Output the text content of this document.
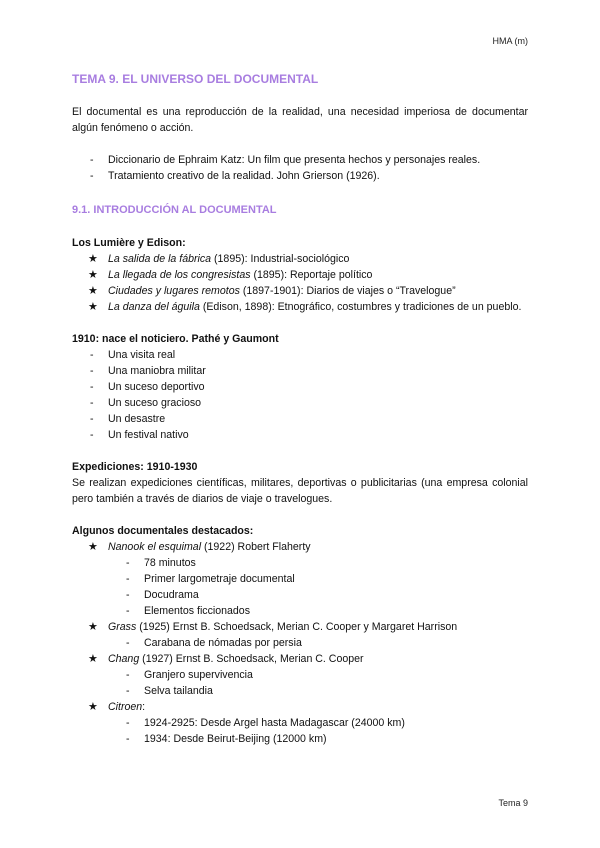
HMA (m)
TEMA 9. EL UNIVERSO DEL DOCUMENTAL

El documental es una reproducción de la realidad, una necesidad imperiosa de documentar algún fenómeno o acción.

- Diccionario de Ephraim Katz: Un film que presenta hechos y personajes reales.
- Tratamiento creativo de la realidad. John Grierson (1926).
9.1. INTRODUCCIÓN AL DOCUMENTAL
Los Lumière y Edison:
★ La salida de la fábrica (1895): Industrial-sociológico
★ La llegada de los congresistas (1895): Reportaje político
★ Ciudades y lugares remotos (1897-1901): Diarios de viajes o “Travelogue”
★ La danza del águila (Edison, 1898): Etnográfico, costumbres y tradiciones de un pueblo.
1910: nace el noticiero. Pathé y Gaumont
- Una visita real
- Una maniobra militar
- Un suceso deportivo
- Un suceso gracioso
- Un desastre
- Un festival nativo
Expediciones: 1910-1930

Se realizan expediciones científicas, militares, deportivas o publicitarias (una empresa colonial pero también a través de diarios de viaje o travelogues.

Algunos documentales destacados:
★ Nanook el esquimal (1922) Robert Flaherty
- 78 minutos
- Primer largometraje documental
- Docudrama
- Elementos ficcionados
★ Grass (1925) Ernst B. Schoedsack, Merian C. Cooper y Margaret Harrison
- Carabana de nómadas por persia
★ Chang (1927) Ernst B. Schoedsack, Merian C. Cooper
- Granjero supervivencia
- Selva tailandia
★ Citroen:
- 1924-2925: Desde Argel hasta Madagascar (24000 km)
- 1934: Desde Beirut-Beijing (12000 km)
Tema 9
